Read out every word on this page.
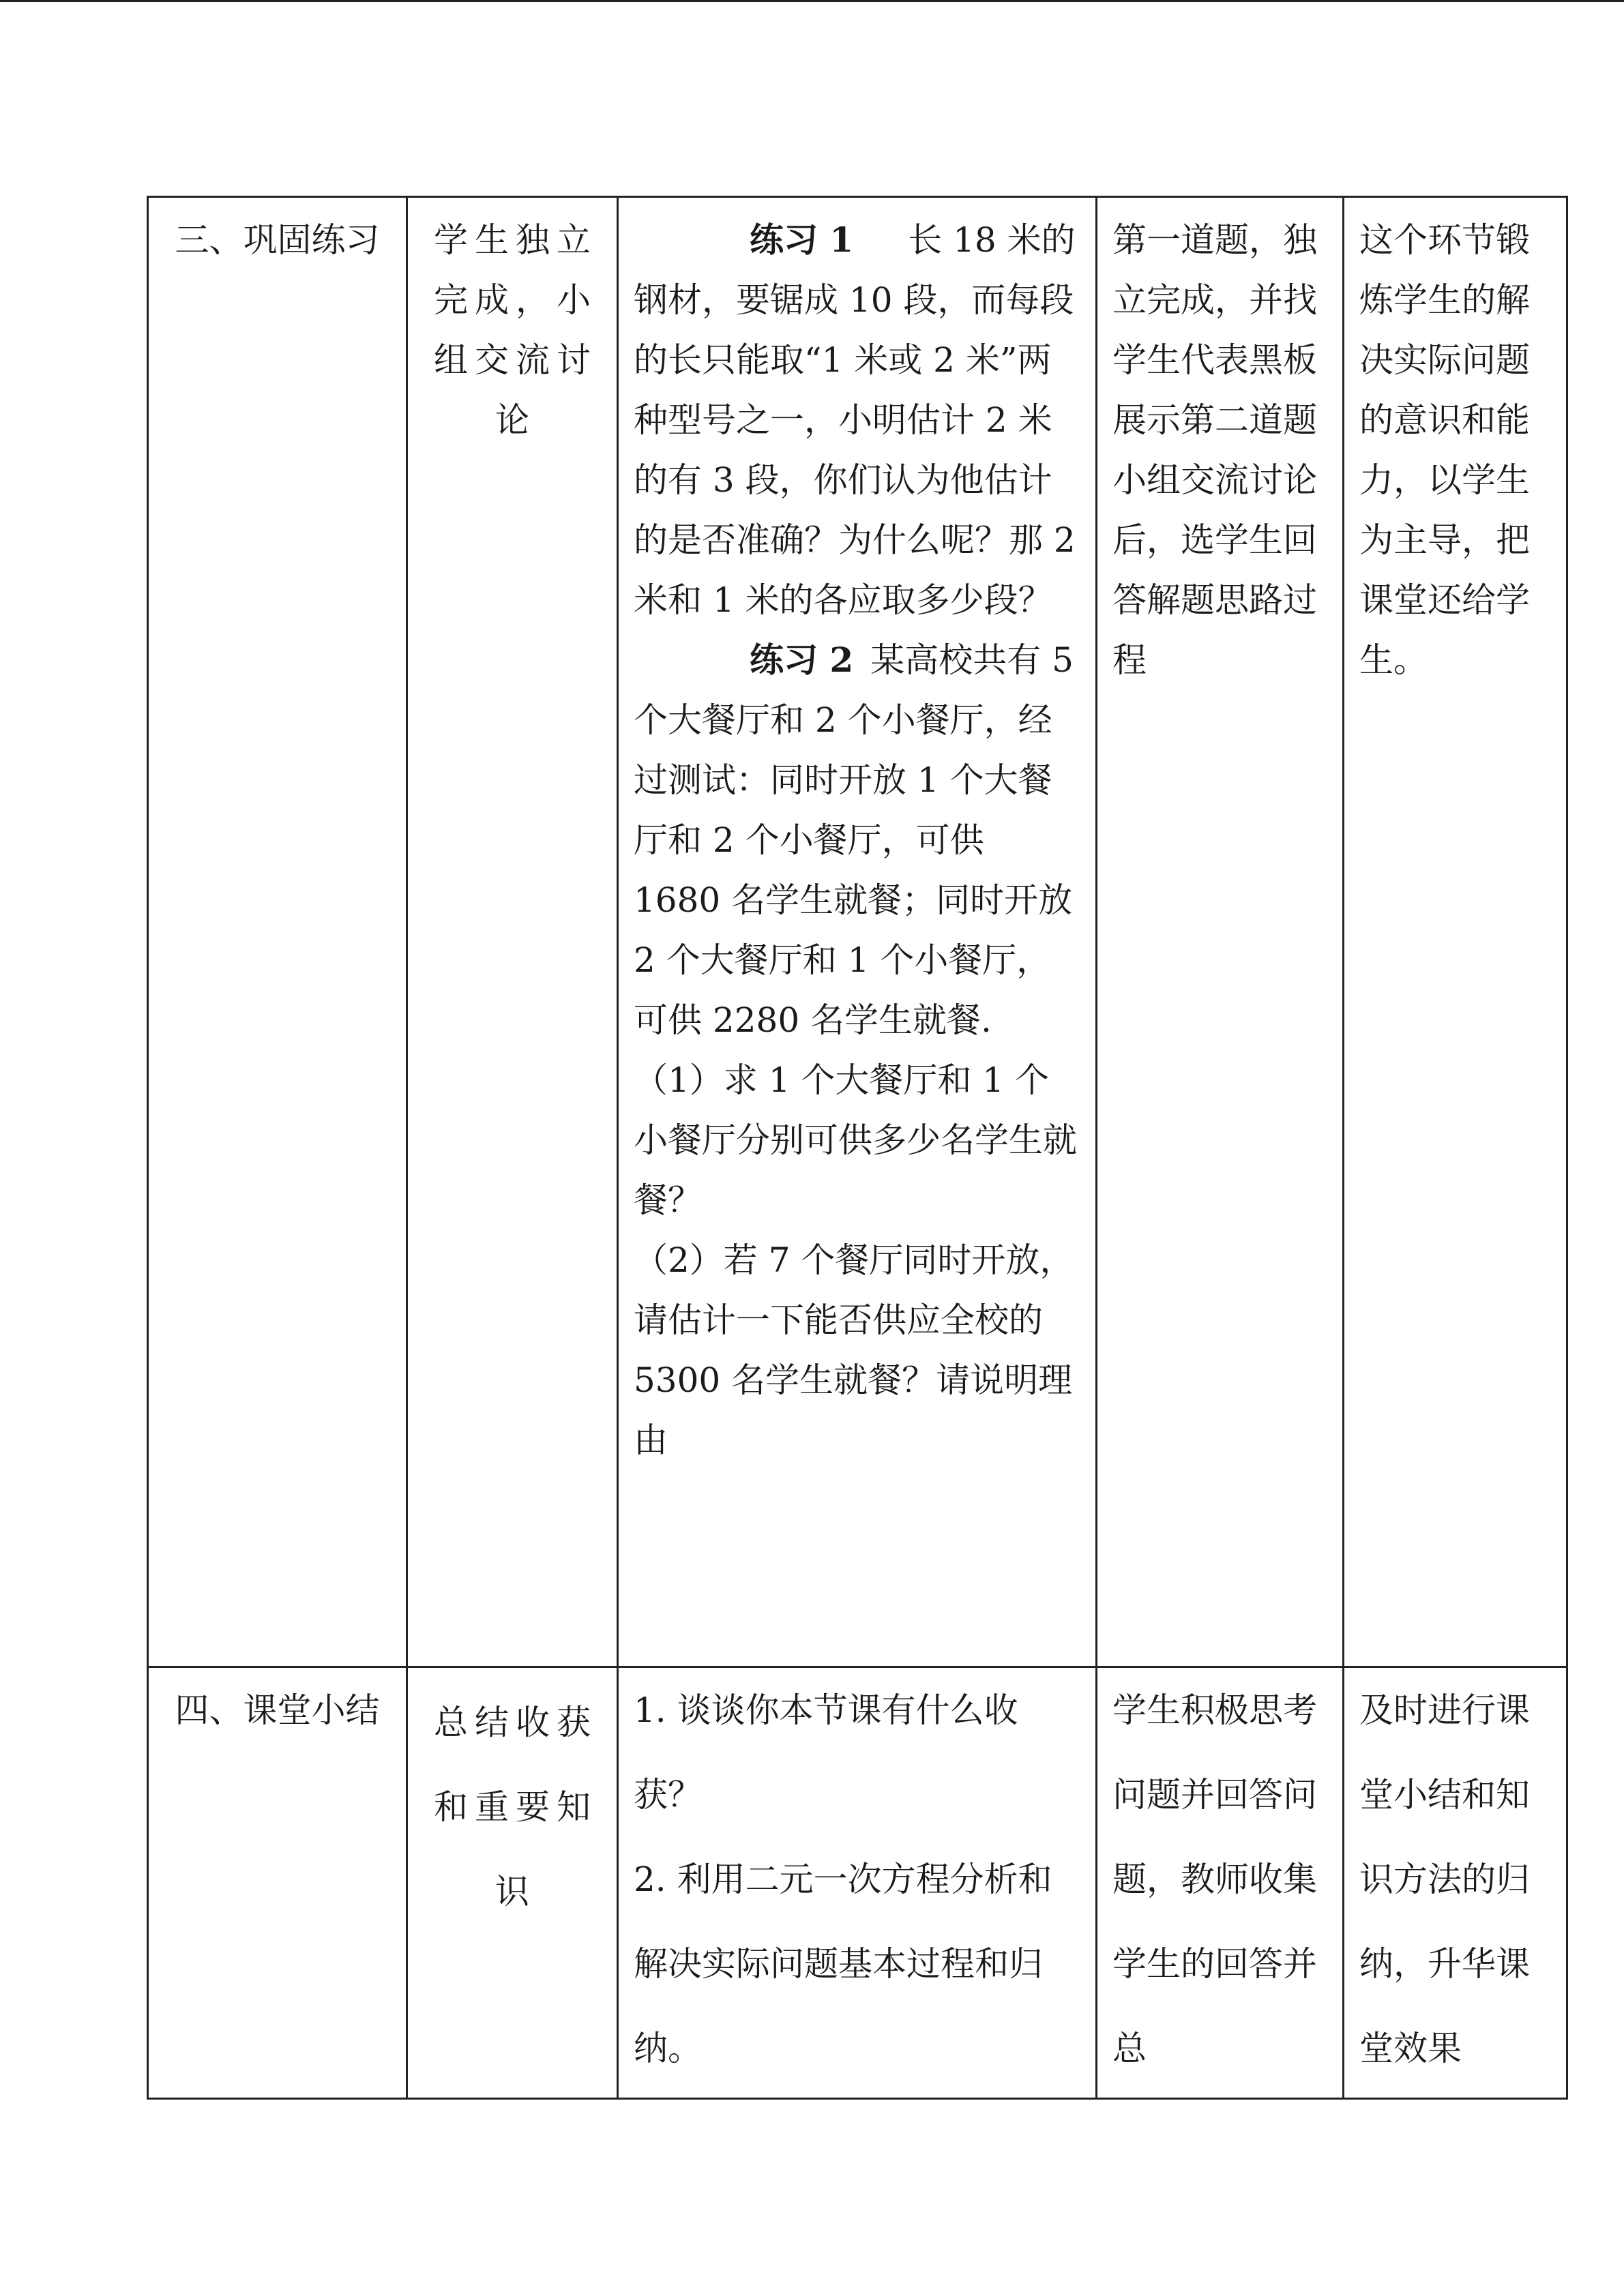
三、巩固练习	学生独立完成，小组交流讨论	练习 1 长 18 米的钢材，要锯成 10 段，而每段的长只能取“1 米或 2 米”两种型号之一，小明估计 2 米的有 3 段，你们认为他估计的是否准确？为什么呢？那 2 米和 1 米的各应取多少段？

练习 2 某高校共有 5 个大餐厅和 2 个小餐厅，经过测试：同时开放 1 个大餐厅和 2 个小餐厅，可供 1680 名学生就餐；同时开放 2 个大餐厅和 1 个小餐厅，可供 2280 名学生就餐.

（1）求 1 个大餐厅和 1 个小餐厅分别可供多少名学生就餐？

（2）若 7 个餐厅同时开放，请估计一下能否供应全校的 5300 名学生就餐？请说明理由	第一道题，独立完成，并找学生代表黑板展示第二道题小组交流讨论后，选学生回答解题思路过程	这个环节锻炼学生的解决实际问题的意识和能力，以学生为主导，把课堂还给学生。
四、课堂小结	总结收获和重要知识	1. 谈谈你本节课有什么收获？

2. 利用二元一次方程分析和解决实际问题基本过程和归纳。	学生积极思考问题并回答问题，教师收集学生的回答并总	及时进行课堂小结和知识方法的归纳，升华课堂效果
